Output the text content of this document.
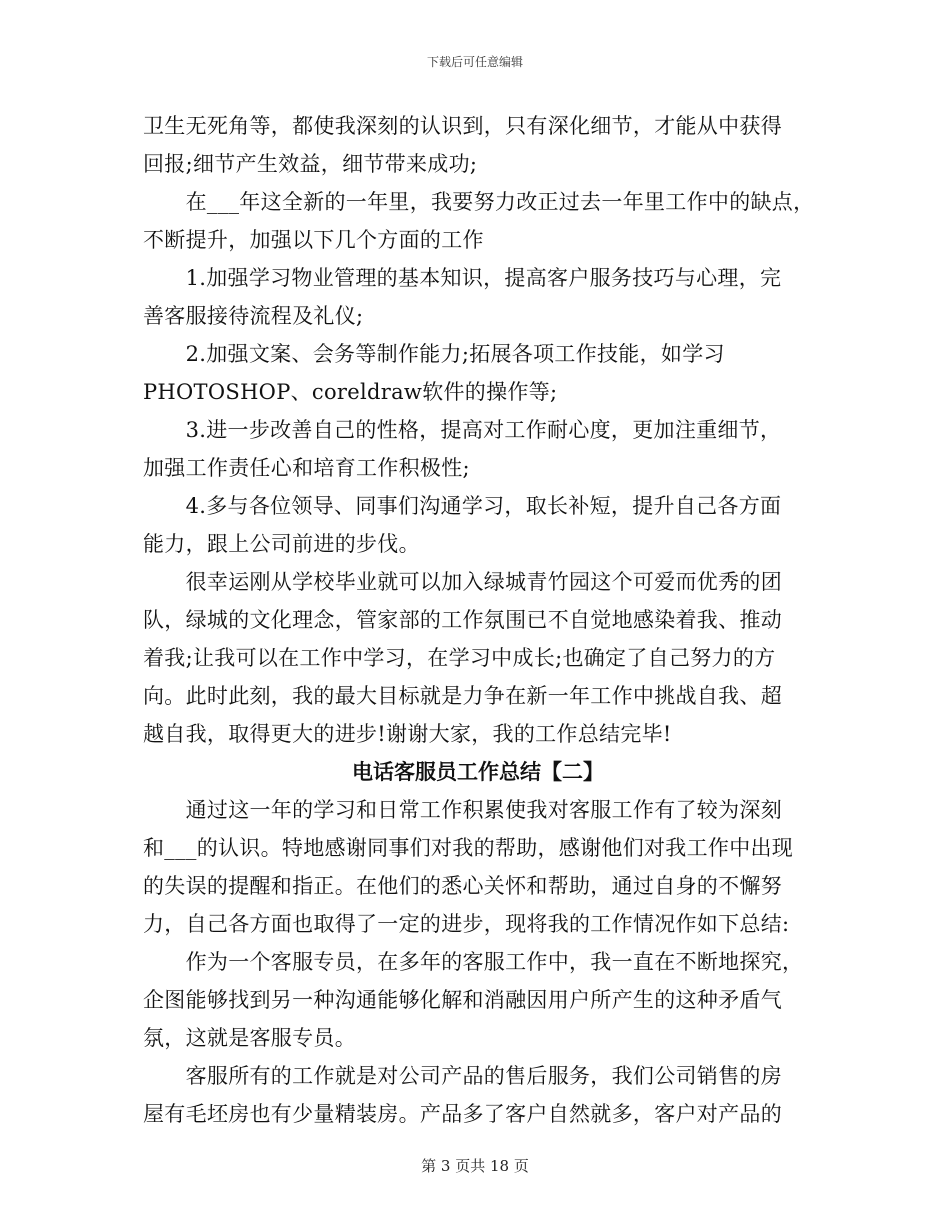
下载后可任意编辑
卫生无死角等，都使我深刻的认识到，只有深化细节，才能从中获得
回报;细节产生效益，细节带来成功;
　　在___年这全新的一年里，我要努力改正过去一年里工作中的缺点，
不断提升，加强以下几个方面的工作
　　1.加强学习物业管理的基本知识，提高客户服务技巧与心理，完
善客服接待流程及礼仪;
　　2.加强文案、会务等制作能力;拓展各项工作技能，如学习
PHOTOSHOP、coreldraw软件的操作等;
　　3.进一步改善自己的性格，提高对工作耐心度，更加注重细节，
加强工作责任心和培育工作积极性;
　　4.多与各位领导、同事们沟通学习，取长补短，提升自己各方面
能力，跟上公司前进的步伐。
　　很幸运刚从学校毕业就可以加入绿城青竹园这个可爱而优秀的团
队，绿城的文化理念，管家部的工作氛围已不自觉地感染着我、推动
着我;让我可以在工作中学习，在学习中成长;也确定了自己努力的方
向。此时此刻，我的最大目标就是力争在新一年工作中挑战自我、超
越自我，取得更大的进步!谢谢大家，我的工作总结完毕!
电话客服员工作总结【二】
　　通过这一年的学习和日常工作积累使我对客服工作有了较为深刻
和___的认识。特地感谢同事们对我的帮助，感谢他们对我工作中出现
的失误的提醒和指正。在他们的悉心关怀和帮助，通过自身的不懈努
力，自己各方面也取得了一定的进步，现将我的工作情况作如下总结:
　　作为一个客服专员，在多年的客服工作中，我一直在不断地探究，
企图能够找到另一种沟通能够化解和消融因用户所产生的这种矛盾气
氛，这就是客服专员。
　　客服所有的工作就是对公司产品的售后服务，我们公司销售的房
屋有毛坯房也有少量精装房。产品多了客户自然就多，客户对产品的
第 3 页共 18 页
